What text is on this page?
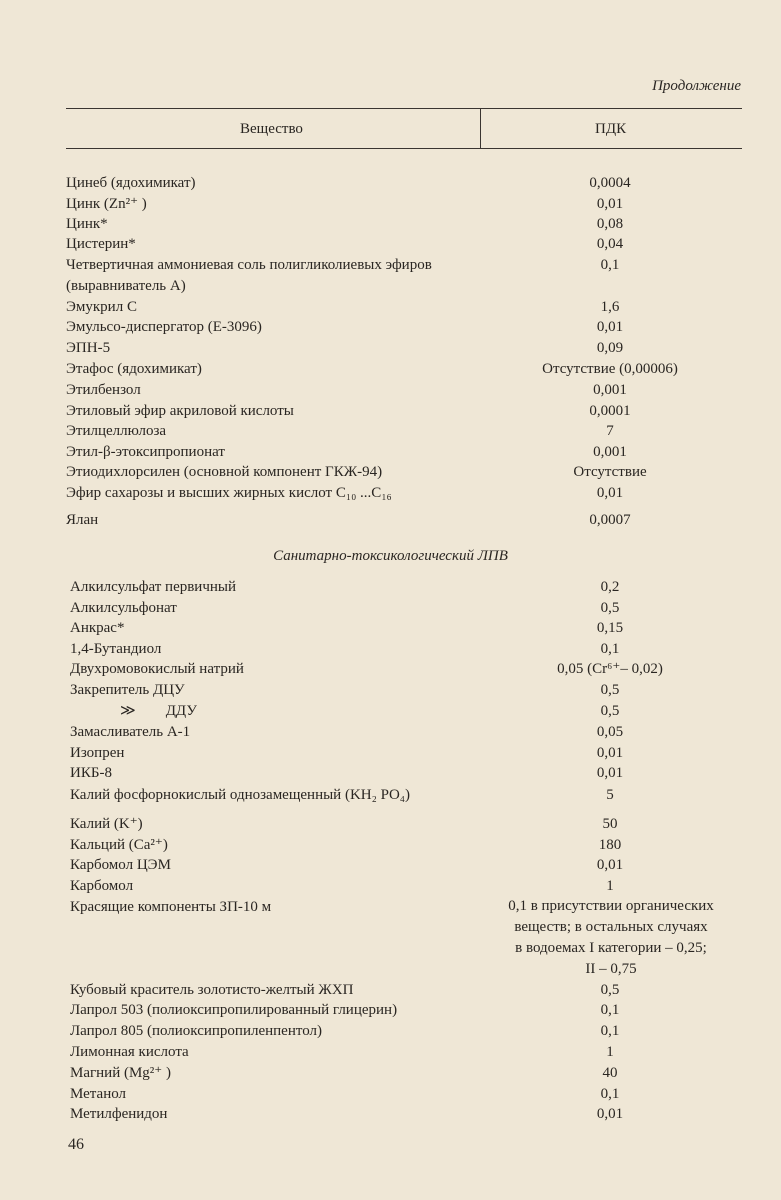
Продолжение
Вещество	ПДК
Цинеб (ядохимикат)	0,0004
Цинк (Zn²⁺ )	0,01
Цинк*	0,08
Цистерин*	0,04
Четвертичная аммониевая соль полигликолиевых эфиров	0,1
(выравниватель А)
Эмукрил С	1,6
Эмульсо-диспергатор (Е-3096)	0,01
ЭПН-5	0,09
Этафос (ядохимикат)	Отсутствие (0,00006)
Этилбензол	0,001
Этиловый эфир акриловой кислоты	0,0001
Этилцеллюлоза	7
Этил-β-этоксипропионат	0,001
Этиодихлорсилен (основной компонент ГКЖ-94)	Отсутствие
Эфир сахарозы и высших жирных кислот С₁₀ ...С₁₆	0,01
Ялан	0,0007
Санитарно-токсикологический ЛПВ
Алкилсульфат первичный	0,2
Алкилсульфонат	0,5
Анкрас*	0,15
1,4-Бутандиол	0,1
Двухромовокислый натрий	0,05 (Cr⁶⁺– 0,02)
Закрепитель ДЦУ	0,5
≫        ДДУ	0,5
Замасливатель А-1	0,05
Изопрен	0,01
ИКБ-8	0,01
Калий фосфорнокислый однозамещенный (KH₂ PO₄)	5
Калий (K⁺)	50
Кальций (Ca²⁺)	180
Карбомол ЦЭМ	0,01
Карбомол	1
Красящие компоненты ЗП-10 м	0,1 в присутствии органических
веществ; в остальных случаях
в водоемах I категории – 0,25;
II – 0,75
Кубовый краситель золотисто-желтый ЖХП	0,5
Лапрол 503 (полиоксипропилированный глицерин)	0,1
Лапрол 805 (полиоксипропиленпентол)	0,1
Лимонная кислота	1
Магний (Mg²⁺ )	40
Метанол	0,1
Метилфенидон	0,01
46
